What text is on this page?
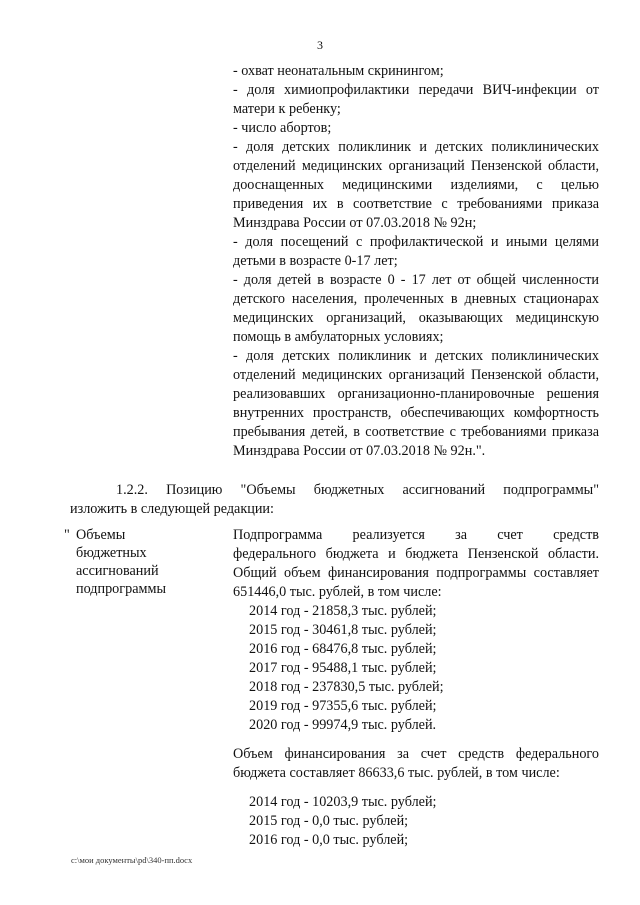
3

- охват неонатальным скринингом;

- доля химиопрофилактики передачи ВИЧ-инфекции от матери к ребенку;

- число абортов;

- доля детских поликлиник и детских поликлинических отделений медицинских организаций Пензенской области, дооснащенных медицинскими изделиями, с целью приведения их в соответствие с требованиями приказа Минздрава России от 07.03.2018 № 92н;

- доля посещений с профилактической и иными целями детьми в возрасте 0-17 лет;

- доля детей в возрасте 0 - 17 лет от общей численности детского населения, пролеченных в дневных стационарах медицинских организаций, оказывающих медицинскую помощь в амбулаторных условиях;

- доля детских поликлиник и детских поликлинических отделений медицинских организаций Пензенской области, реализовавших организационно-планировочные решения внутренних пространств, обеспечивающих комфортность пребывания детей, в соответствие с требованиями приказа Минздрава России от 07.03.2018 № 92н.".

1.2.2. Позицию "Объемы бюджетных ассигнований подпрограммы"

изложить в следующей редакции:

" Объемы
бюджетных
ассигнований
подпрограммы

Подпрограмма реализуется за счет средств

федерального бюджета и бюджета Пензенской области. Общий объем финансирования подпрограммы составляет 651446,0 тыс. рублей, в том числе:

2014 год - 21858,3 тыс. рублей;
2015 год - 30461,8 тыс. рублей;
2016 год - 68476,8 тыс. рублей;
2017 год - 95488,1 тыс. рублей;
2018 год - 237830,5 тыс. рублей;
2019 год - 97355,6 тыс. рублей;
2020 год - 99974,9 тыс. рублей.

Объем финансирования за счет средств федерального бюджета составляет 86633,6 тыс. рублей, в том числе:

2014 год - 10203,9 тыс. рублей;
2015 год - 0,0 тыс. рублей;
2016 год - 0,0 тыс. рублей;
c:\мои документы\pd\340-пп.docx
